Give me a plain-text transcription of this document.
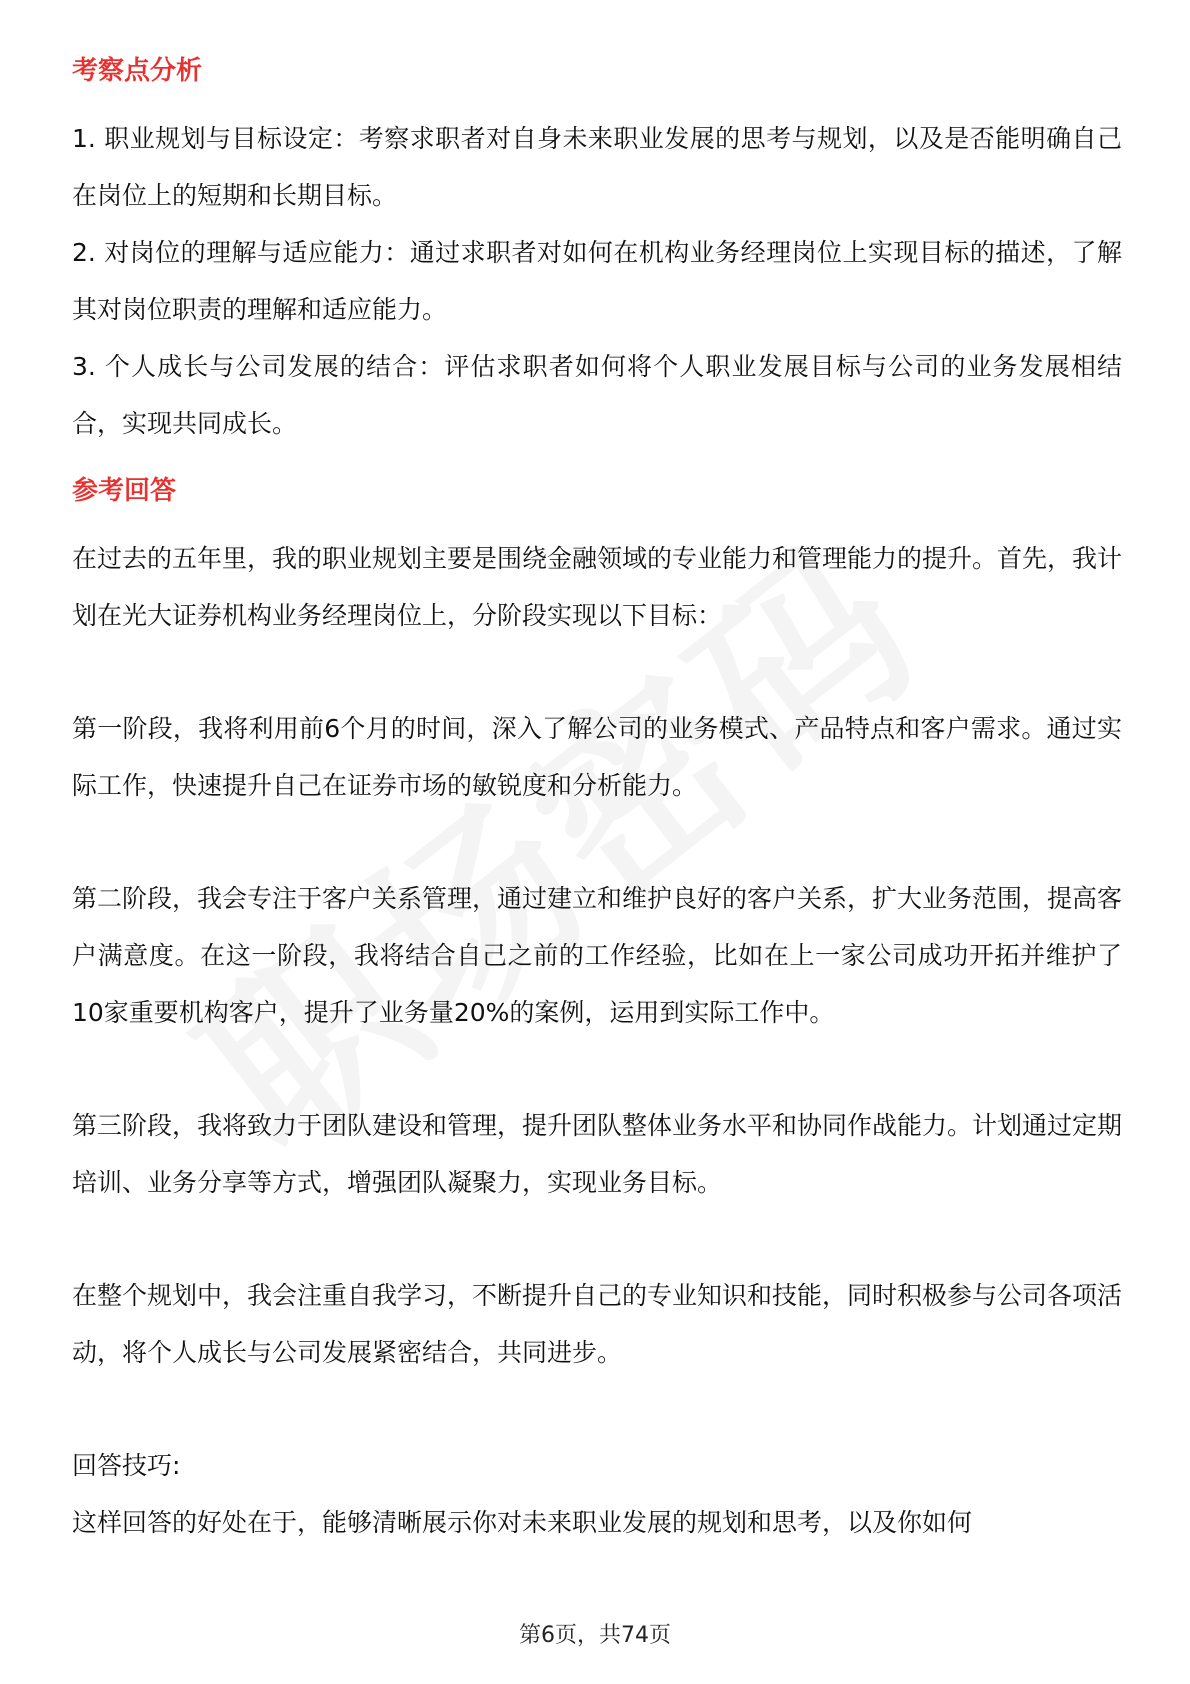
考察点分析

1. 职业规划与目标设定：考察求职者对自身未来职业发展的思考与规划，以及是否能明确自己在岗位上的短期和长期目标。

2. 对岗位的理解与适应能力：通过求职者对如何在机构业务经理岗位上实现目标的描述，了解其对岗位职责的理解和适应能力。

3. 个人成长与公司发展的结合：评估求职者如何将个人职业发展目标与公司的业务发展相结合，实现共同成长。

参考回答

在过去的五年里，我的职业规划主要是围绕金融领域的专业能力和管理能力的提升。首先，我计划在光大证券机构业务经理岗位上，分阶段实现以下目标：

第一阶段，我将利用前6个月的时间，深入了解公司的业务模式、产品特点和客户需求。通过实际工作，快速提升自己在证券市场的敏锐度和分析能力。

第二阶段，我会专注于客户关系管理，通过建立和维护良好的客户关系，扩大业务范围，提高客户满意度。在这一阶段，我将结合自己之前的工作经验，比如在上一家公司成功开拓并维护了10家重要机构客户，提升了业务量20%的案例，运用到实际工作中。

第三阶段，我将致力于团队建设和管理，提升团队整体业务水平和协同作战能力。计划通过定期培训、业务分享等方式，增强团队凝聚力，实现业务目标。

在整个规划中，我会注重自我学习，不断提升自己的专业知识和技能，同时积极参与公司各项活动，将个人成长与公司发展紧密结合，共同进步。

回答技巧:

这样回答的好处在于，能够清晰展示你对未来职业发展的规划和思考，以及你如何

第6页，共74页
